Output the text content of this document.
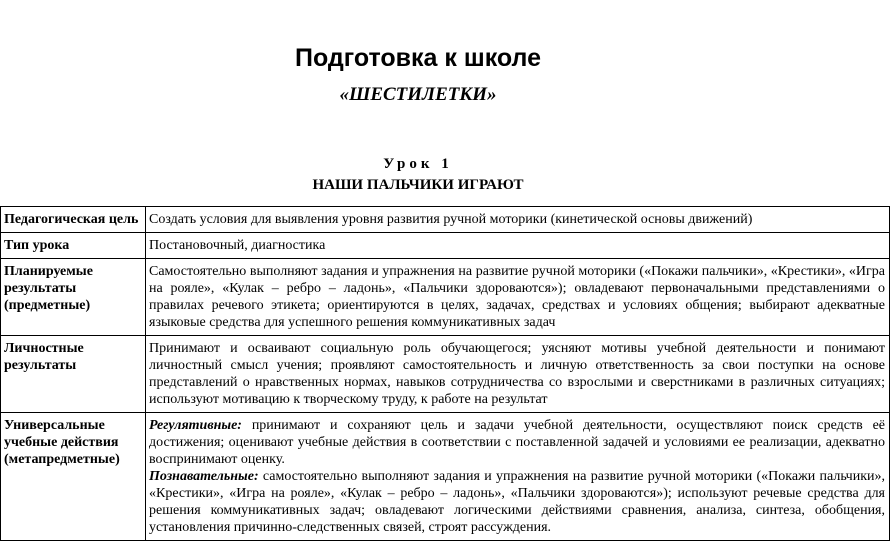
Подготовка к школе
«ШЕСТИЛЕТКИ»
Урок 1
НАШИ ПАЛЬЧИКИ ИГРАЮТ
Педагогическая цель	Создать условия для выявления уровня развития ручной моторики (кинетической основы движений)
Тип урока	Постановочный, диагностика
Планируемые результаты (предметные)	Самостоятельно выполняют задания и упражнения на развитие ручной моторики («Покажи пальчики», «Крестики», «Игра на рояле», «Кулак – ребро – ладонь», «Пальчики здороваются»); овладевают первоначальными представлениями о правилах речевого этикета; ориентируются в целях, задачах, средствах и условиях общения; выбирают адекватные языковые средства для успешного решения коммуникативных задач
Личностные результаты	Принимают и осваивают социальную роль обучающегося; уясняют мотивы учебной деятельности и понимают личностный смысл учения; проявляют самостоятельность и личную ответственность за свои поступки на основе представлений о нравственных нормах, навыков сотрудничества со взрослыми и сверстниками в различных ситуациях; используют мотивацию к творческому труду, к работе на результат
Универсальные учебные действия (метапредметные)	Регулятивные: принимают и сохраняют цель и задачи учебной деятельности, осуществляют поиск средств её достижения; оценивают учебные действия в соответствии с поставленной задачей и условиями ее реализации, адекватно воспринимают оценку.
Познавательные: самостоятельно выполняют задания и упражнения на развитие ручной моторики («Покажи пальчики», «Крестики», «Игра на рояле», «Кулак – ребро – ладонь», «Пальчики здороваются»); используют речевые средства для решения коммуникативных задач; овладевают логическими действиями сравнения, анализа, синтеза, обобщения, установления причинно-следственных связей, строят рассуждения.
